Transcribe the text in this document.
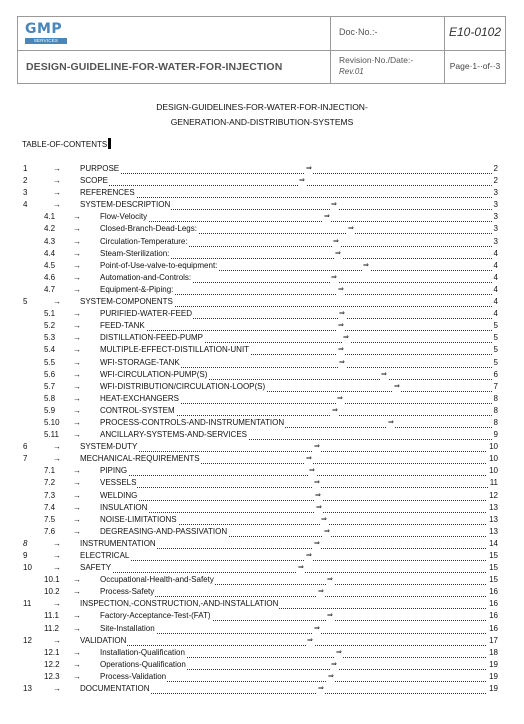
GMP
SERVICES
DESIGN-GUIDELINE-FOR-WATER-FOR-INJECTION
Doc·No.:-
Revision·No./Date:-
Rev.01
E10-0102
Page·1-·of-·3
DESIGN-GUIDELINES-FOR-WATER-FOR-INJECTION-
GENERATION-AND-DISTRIBUTION-SYSTEMS
TABLE-OF-CONTENTS
1	→ PURPOSE	⇒	2
2	→ SCOPE	⇒	2
3	→ REFERENCES	3
4	→ SYSTEM-DESCRIPTION	⇒	3
4.1 → Flow-Velocity	⇒	3
4.2 → Closed-Branch-Dead-Legs:	⇒	3
4.3 → Circulation-Temperature:	⇒	3
4.4 → Steam-Sterilization:	⇒	4
4.5 → Point-of-Use-valve-to-equipment:	⇒	4
4.6 → Automation-and-Controls:	⇒	4
4.7 → Equipment-&-Piping:	⇒	4
5	→ SYSTEM-COMPONENTS	4
5.1 → PURIFIED-WATER-FEED	⇒	4
5.2 → FEED-TANK	⇒	5
5.3 → DISTILLATION-FEED-PUMP	⇒	5
5.4 → MULTIPLE-EFFECT-DISTILLATION-UNIT	⇒	5
5.5 → WFI-STORAGE-TANK	⇒	5
5.6 → WFI-CIRCULATION-PUMP(S)	⇒	6
5.7 → WFI-DISTRIBUTION/CIRCULATION-LOOP(S)	⇒	7
5.8 → HEAT-EXCHANGERS	⇒	8
5.9 → CONTROL-SYSTEM	⇒	8
5.10 → PROCESS-CONTROLS-AND-INSTRUMENTATION	⇒	8
5.11 → ANCILLARY-SYSTEMS-AND-SERVICES	9
6	→ SYSTEM-DUTY	⇒	10
7	→ MECHANICAL-REQUIREMENTS	⇒	10
7.1 → PIPING	⇒	10
7.2 → VESSELS	⇒	11
7.3 → WELDING	⇒	12
7.4 → INSULATION	⇒	13
7.5 → NOISE-LIMITATIONS	⇒	13
7.6 → DEGREASING-AND-PASSIVATION	⇒	13
8	→ INSTRUMENTATION	⇒	14
9	→ ELECTRICAL	⇒	15
10	→ SAFETY	⇒	15
10.1 → Occupational-Health-and-Safety	⇒	15
10.2 → Process-Safety	⇒	16
11	→ INSPECTION,-CONSTRUCTION,-AND-INSTALLATION	16
11.1 → Factory-Acceptance-Test-(FAT)	⇒	16
11.2 → Site-Installation	⇒	16
12	→ VALIDATION	⇒	17
12.1 → Installation-Qualification	⇒	18
12.2 → Operations-Qualification	⇒	19
12.3 → Process-Validation	⇒	19
13	→ DOCUMENTATION	⇒	19
